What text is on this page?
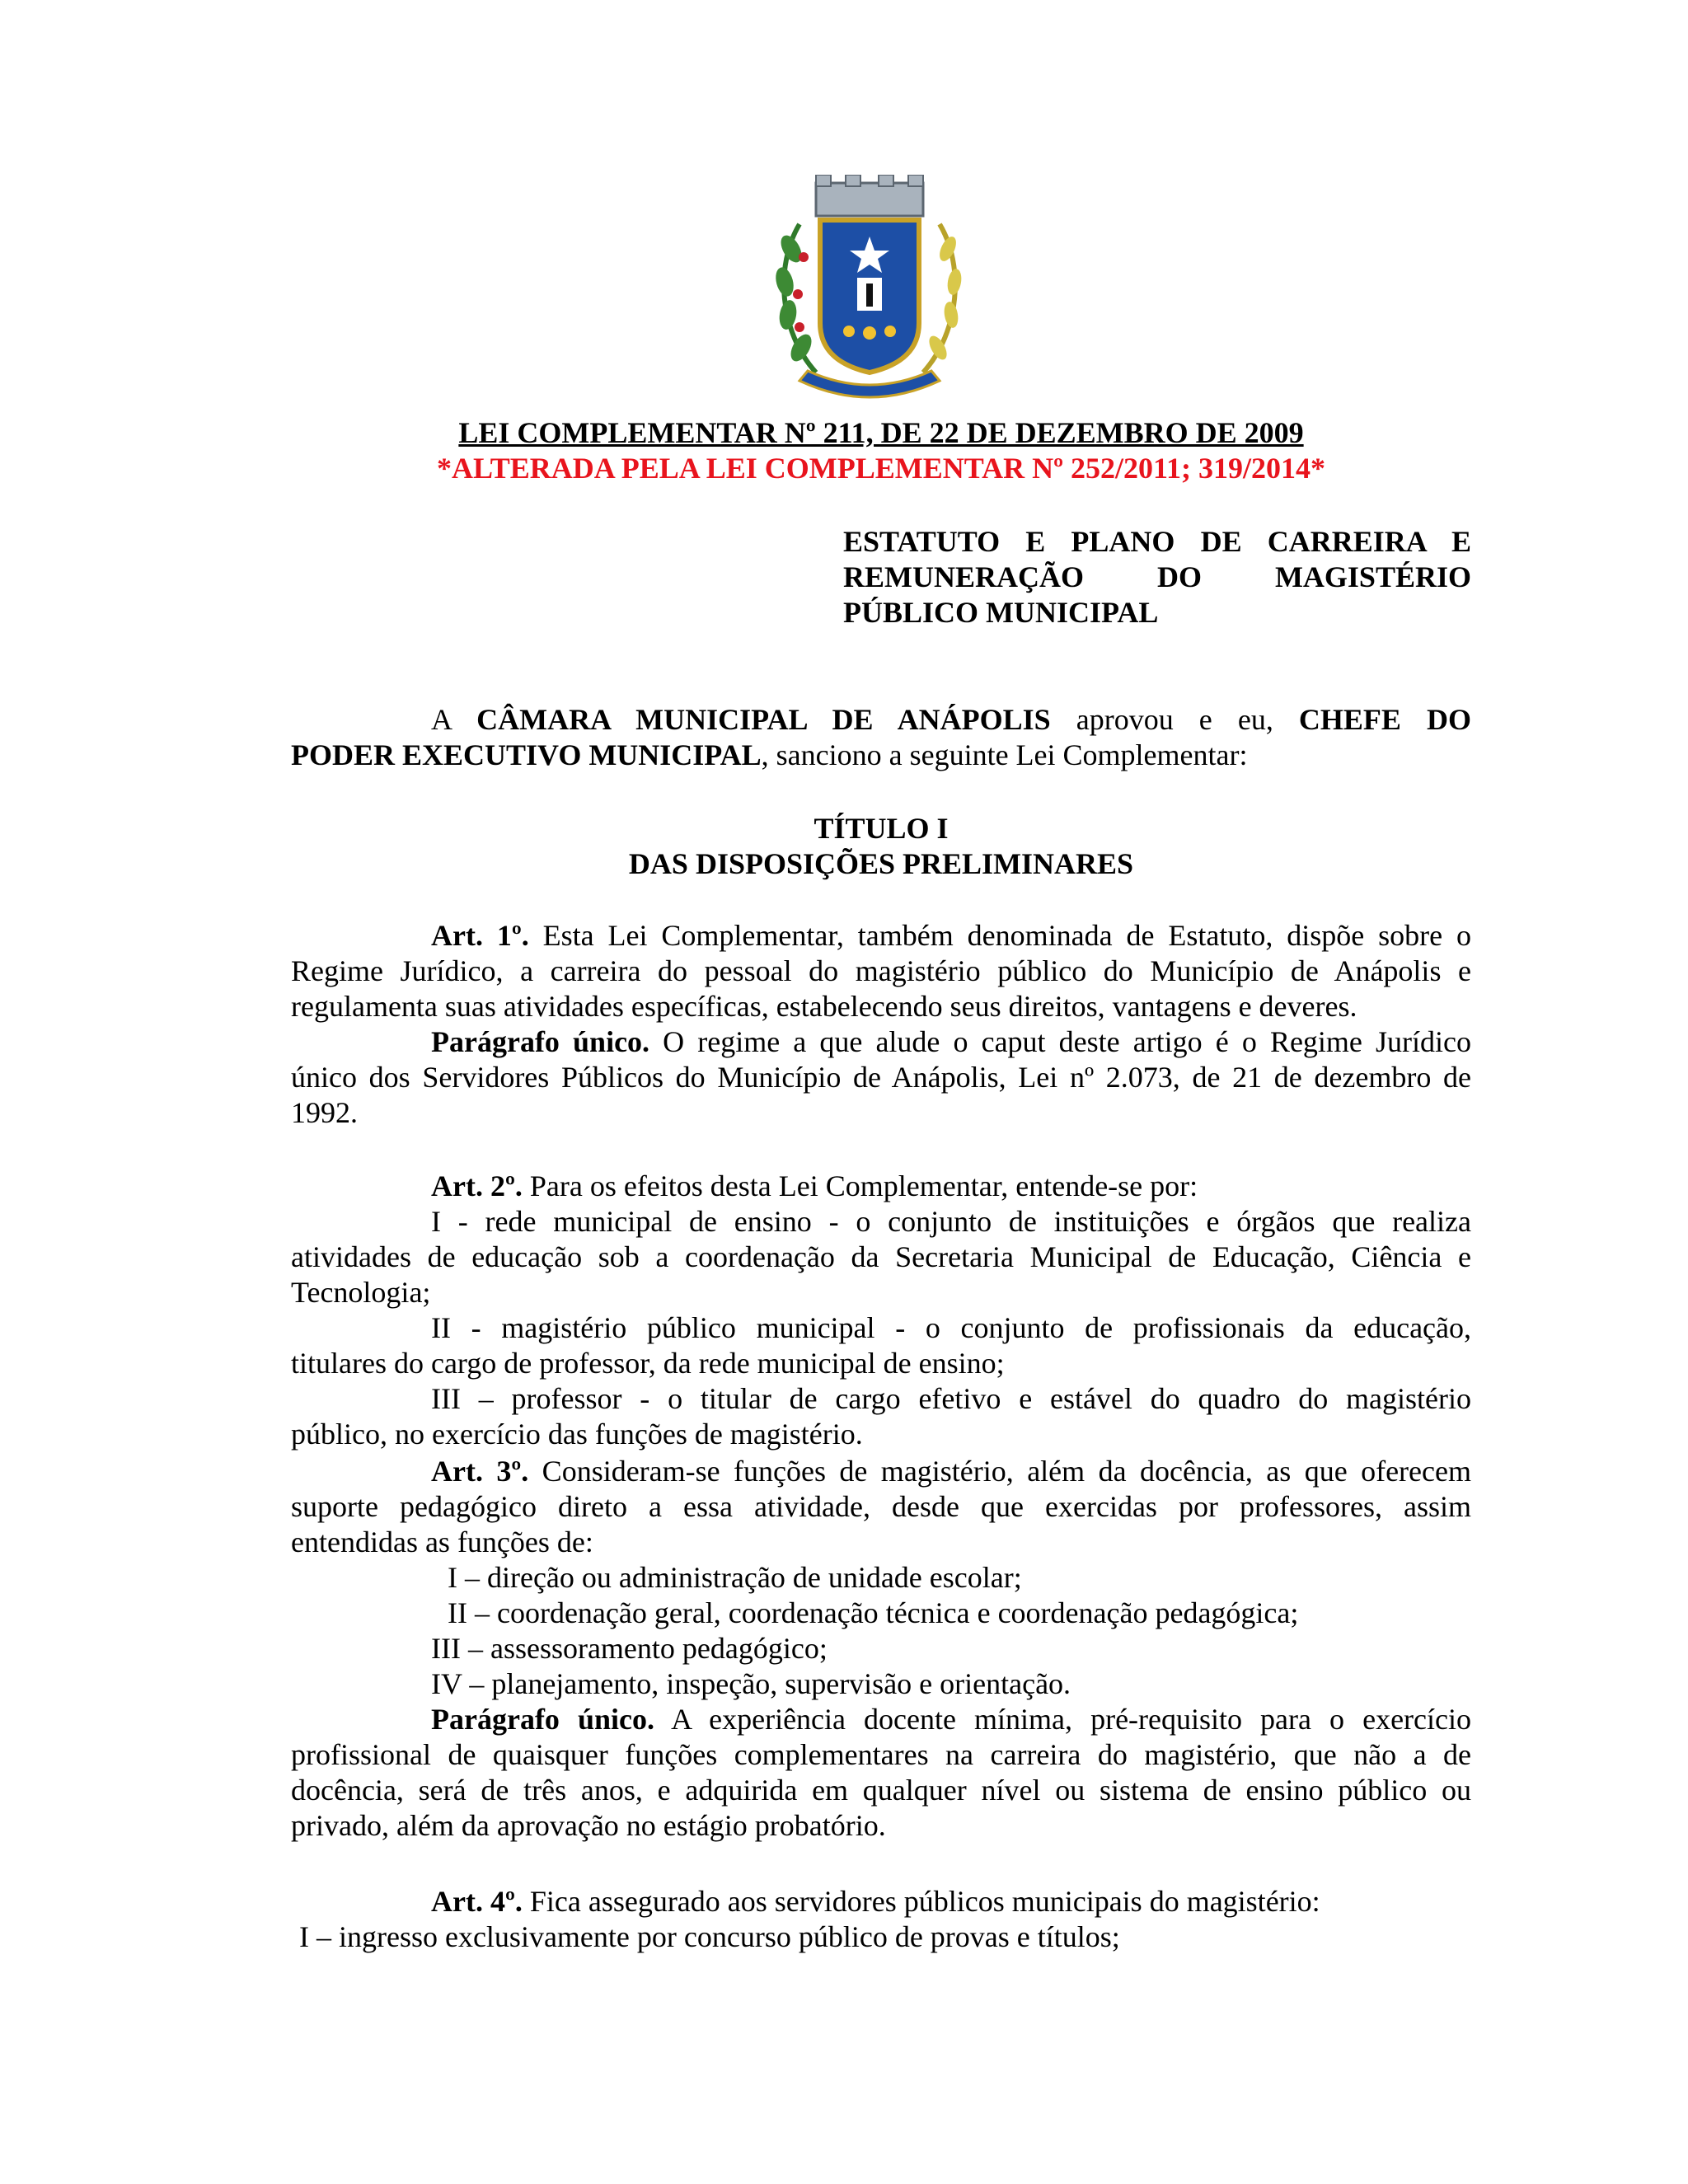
LEI COMPLEMENTAR Nº 211, DE 22 DE DEZEMBRO DE 2009
*ALTERADA PELA LEI COMPLEMENTAR Nº 252/2011; 319/2014*
ESTATUTO E PLANO DE CARREIRA E
REMUNERAÇÃO DO MAGISTÉRIO
PÚBLICO MUNICIPAL
A CÂMARA MUNICIPAL DE ANÁPOLIS aprovou e eu, CHEFE DO
PODER EXECUTIVO MUNICIPAL, sanciono a seguinte Lei Complementar:
TÍTULO I
DAS DISPOSIÇÕES PRELIMINARES
Art. 1º. Esta Lei Complementar, também denominada de Estatuto, dispõe sobre o
Regime Jurídico, a carreira do pessoal do magistério público do Município de Anápolis e
regulamenta suas atividades específicas, estabelecendo seus direitos, vantagens e deveres.
Parágrafo único. O regime a que alude o caput deste artigo é o Regime Jurídico
único dos Servidores Públicos do Município de Anápolis, Lei nº 2.073, de 21 de dezembro de
1992.
Art. 2º. Para os efeitos desta Lei Complementar, entende-se por:
I - rede municipal de ensino - o conjunto de instituições e órgãos que realiza
atividades de educação sob a coordenação da Secretaria Municipal de Educação, Ciência e
Tecnologia;
II - magistério público municipal - o conjunto de profissionais da educação,
titulares do cargo de professor, da rede municipal de ensino;
III – professor - o titular de cargo efetivo e estável do quadro do magistério
público, no exercício das funções de magistério.
Art. 3º. Consideram-se funções de magistério, além da docência, as que oferecem
suporte pedagógico direto a essa atividade, desde que exercidas por professores, assim
entendidas as funções de:
I – direção ou administração de unidade escolar;
II – coordenação geral, coordenação técnica e coordenação pedagógica;
III – assessoramento pedagógico;
IV – planejamento, inspeção, supervisão e orientação.
Parágrafo único. A experiência docente mínima, pré-requisito para o exercício
profissional de quaisquer funções complementares na carreira do magistério, que não a de
docência, será de três anos, e adquirida em qualquer nível ou sistema de ensino público ou
privado, além da aprovação no estágio probatório.
Art. 4º. Fica assegurado aos servidores públicos municipais do magistério:
I – ingresso exclusivamente por concurso público de provas e títulos;
